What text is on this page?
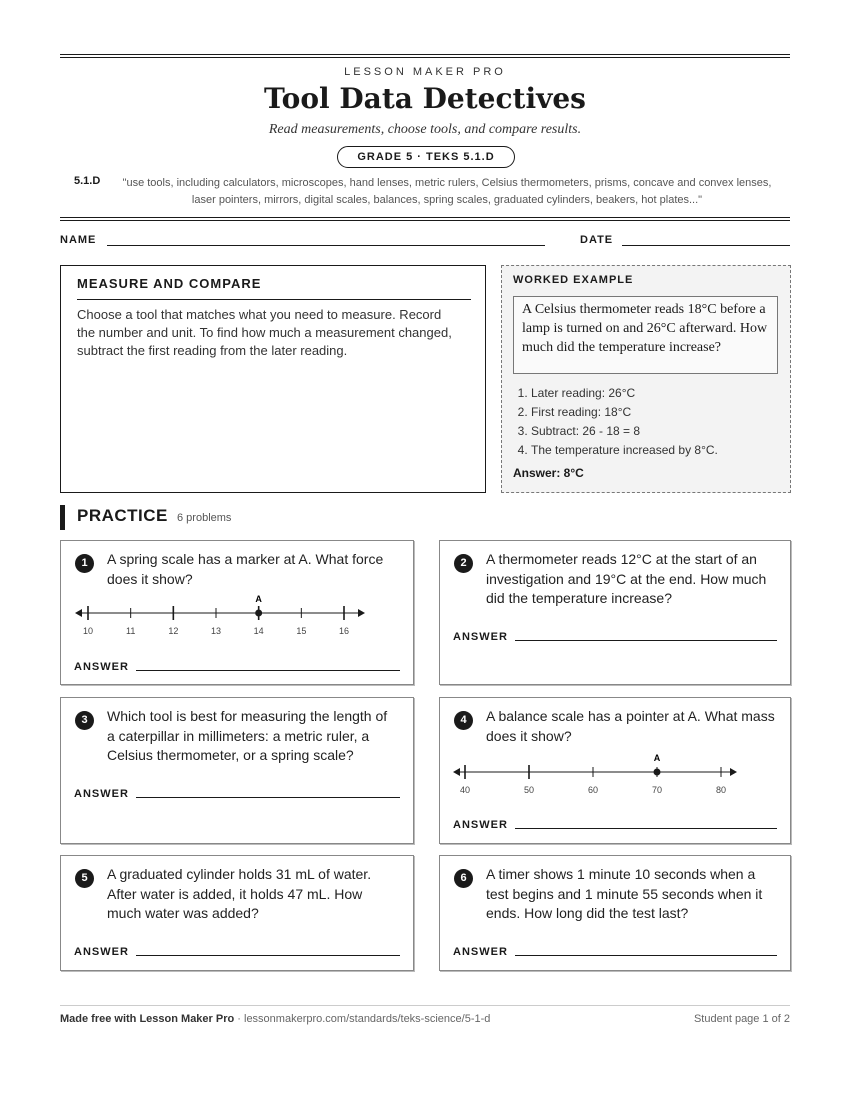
LESSON MAKER PRO
Tool Data Detectives
Read measurements, choose tools, and compare results.
GRADE 5 · TEKS 5.1.D
5.1.D	"use tools, including calculators, microscopes, hand lenses, metric rulers, Celsius thermometers, prisms, concave and convex lenses, laser pointers, mirrors, digital scales, balances, spring scales, graduated cylinders, beakers, hot plates..."
NAME	DATE
MEASURE AND COMPARE

Choose a tool that matches what you need to measure. Record the number and unit. To find how much a measurement changed, subtract the first reading from the later reading.

WORKED EXAMPLE
A Celsius thermometer reads 18°C before a lamp is turned on and 26°C afterward. How much did the temperature increase?
1. Later reading: 26°C
2. First reading: 18°C
3. Subtract: 26 - 18 = 8
4. The temperature increased by 8°C.
Answer: 8°C
PRACTICE 6 problems
1	A spring scale has a marker at A. What force does it show?
10	11	12	13	14	15	16
A
ANSWER
2	A thermometer reads 12°C at the start of an investigation and 19°C at the end. How much did the temperature increase?
ANSWER
3	Which tool is best for measuring the length of a caterpillar in millimeters: a metric ruler, a Celsius thermometer, or a spring scale?
ANSWER
4	A balance scale has a pointer at A. What mass does it show?
ANSWER
40	50	60	70	80
A
5	A graduated cylinder holds 31 mL of water. After water is added, it holds 47 mL. How much water was added?
ANSWER
6	A timer shows 1 minute 10 seconds when a test begins and 1 minute 55 seconds when it ends. How long did the test last?
ANSWER
Made free with Lesson Maker Pro · lessonmakerpro.com/standards/teks-science/5-1-d	Student page 1 of 2
